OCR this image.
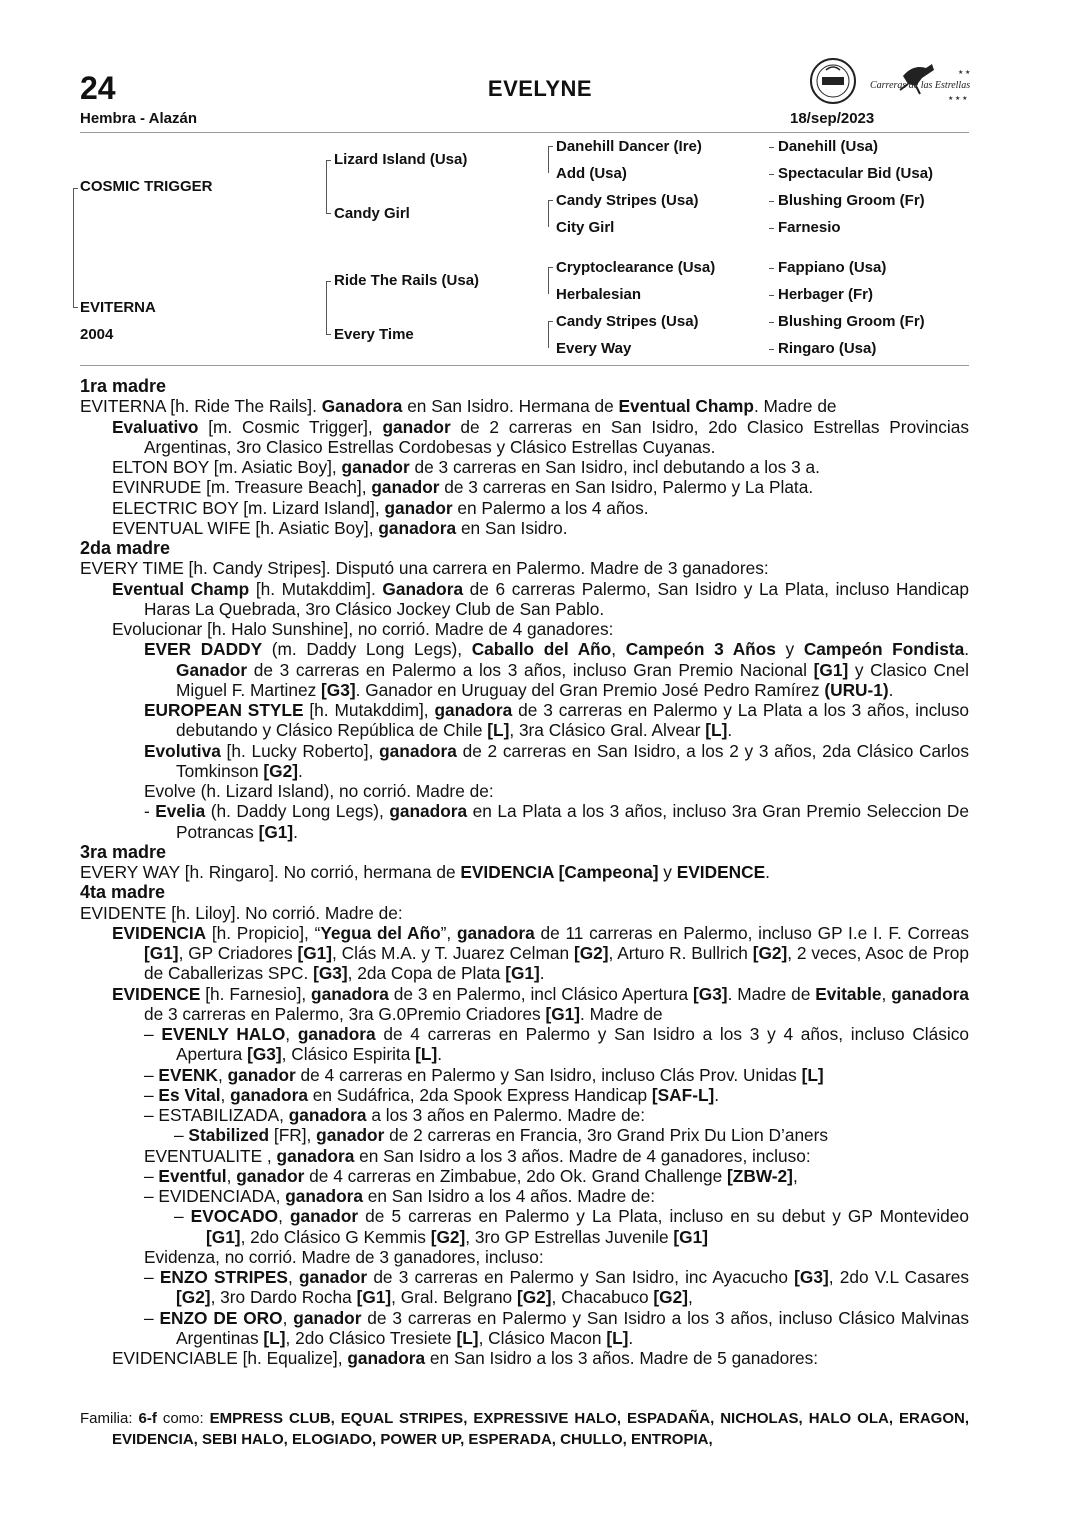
24	EVELYNE
★ ★
★ ★ ★
Carreras de las Estrellas
Hembra - Alazán	18/sep/2023
COSMIC TRIGGER
EVITERNA
2004
Lizard Island (Usa)
Candy Girl
Ride The Rails (Usa)
Every Time
Danehill Dancer (Ire)
Add (Usa)
Candy Stripes (Usa)
City Girl
Cryptoclearance (Usa)
Herbalesian
Candy Stripes (Usa)
Every Way
Danehill (Usa)
Spectacular Bid (Usa)
Blushing Groom (Fr)
Farnesio
Fappiano (Usa)
Herbager (Fr)
Blushing Groom (Fr)
Ringaro (Usa)

1ra madre

EVITERNA [h. Ride The Rails]. Ganadora en San Isidro. Hermana de Eventual Champ. Madre de

Evaluativo [m. Cosmic Trigger], ganador de 2 carreras en San Isidro, 2do Clasico Estrellas Provincias Argentinas, 3ro Clasico Estrellas Cordobesas y Clásico Estrellas Cuyanas.

ELTON BOY [m. Asiatic Boy], ganador de 3 carreras en San Isidro, incl debutando a los 3 a.

EVINRUDE [m. Treasure Beach], ganador de 3 carreras en San Isidro, Palermo y La Plata.

ELECTRIC BOY [m. Lizard Island], ganador en Palermo a los 4 años.

EVENTUAL WIFE [h. Asiatic Boy], ganadora en San Isidro.

2da madre

EVERY TIME [h. Candy Stripes]. Disputó una carrera en Palermo. Madre de 3 ganadores:

Eventual Champ [h. Mutakddim]. Ganadora de 6 carreras Palermo, San Isidro y La Plata, incluso Handicap Haras La Quebrada, 3ro Clásico Jockey Club de San Pablo.

Evolucionar [h. Halo Sunshine], no corrió. Madre de 4 ganadores:

EVER DADDY (m. Daddy Long Legs), Caballo del Año, Campeón 3 Años y Campeón Fondista. Ganador de 3 carreras en Palermo a los 3 años, incluso Gran Premio Nacional [G1] y Clasico Cnel Miguel F. Martinez [G3]. Ganador en Uruguay del Gran Premio José Pedro Ramírez (URU-1).

EUROPEAN STYLE [h. Mutakddim], ganadora de 3 carreras en Palermo y La Plata a los 3 años, incluso debutando y Clásico República de Chile [L], 3ra Clásico Gral. Alvear [L].

Evolutiva [h. Lucky Roberto], ganadora de 2 carreras en San Isidro, a los 2 y 3 años, 2da Clásico Carlos Tomkinson [G2].

Evolve (h. Lizard Island), no corrió. Madre de:

- Evelia (h. Daddy Long Legs), ganadora en La Plata a los 3 años, incluso 3ra Gran Premio Seleccion De Potrancas [G1].

3ra madre

EVERY WAY [h. Ringaro]. No corrió, hermana de EVIDENCIA [Campeona] y EVIDENCE.

4ta madre

EVIDENTE [h. Liloy]. No corrió. Madre de:

EVIDENCIA [h. Propicio], “Yegua del Año”, ganadora de 11 carreras en Palermo, incluso GP I.e I. F. Correas [G1], GP Criadores [G1], Clás M.A. y T. Juarez Celman [G2], Arturo R. Bullrich [G2], 2 veces, Asoc de Prop de Caballerizas SPC. [G3], 2da Copa de Plata [G1].

EVIDENCE [h. Farnesio], ganadora de 3 en Palermo, incl Clásico Apertura [G3]. Madre de Evitable, ganadora de 3 carreras en Palermo, 3ra G.0Premio Criadores [G1]. Madre de

– EVENLY HALO, ganadora de 4 carreras en Palermo y San Isidro a los 3 y 4 años, incluso Clásico Apertura [G3], Clásico Espirita [L].

– EVENK, ganador de 4 carreras en Palermo y San Isidro, incluso Clás Prov. Unidas [L]

– Es Vital, ganadora en Sudáfrica, 2da Spook Express Handicap [SAF-L].

– ESTABILIZADA, ganadora a los 3 años en Palermo. Madre de:

– Stabilized [FR], ganador de 2 carreras en Francia, 3ro Grand Prix Du Lion D’aners

EVENTUALITE , ganadora en San Isidro a los 3 años. Madre de 4 ganadores, incluso:

– Eventful, ganador de 4 carreras en Zimbabue, 2do Ok. Grand Challenge [ZBW-2],

– EVIDENCIADA, ganadora en San Isidro a los 4 años. Madre de:

– EVOCADO, ganador de 5 carreras en Palermo y La Plata, incluso en su debut y GP Montevideo [G1], 2do Clásico G Kemmis [G2], 3ro GP Estrellas Juvenile [G1]

Evidenza, no corrió. Madre de 3 ganadores, incluso:

– ENZO STRIPES, ganador de 3 carreras en Palermo y San Isidro, inc Ayacucho [G3], 2do V.L Casares [G2], 3ro Dardo Rocha [G1], Gral. Belgrano [G2], Chacabuco [G2],

– ENZO DE ORO, ganador de 3 carreras en Palermo y San Isidro a los 3 años, incluso Clásico Malvinas Argentinas [L], 2do Clásico Tresiete [L], Clásico Macon [L].

EVIDENCIABLE [h. Equalize], ganadora en San Isidro a los 3 años. Madre de 5 ganadores:

Familia: 6-f como: EMPRESS CLUB, EQUAL STRIPES, EXPRESSIVE HALO, ESPADAÑA, NICHOLAS, HALO OLA, ERAGON, EVIDENCIA, SEBI HALO, ELOGIADO, POWER UP, ESPERADA, CHULLO, ENTROPIA,
